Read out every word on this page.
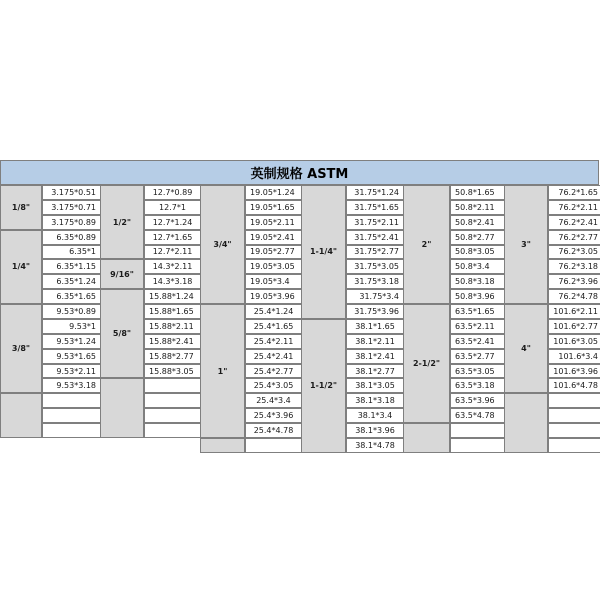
英制规格 ASTM
1/8"
3.175*0.51
3.175*0.71
3.175*0.89
1/4"
6.35*0.89
6.35*1
6.35*1.15
6.35*1.24
6.35*1.65
3/8"
9.53*0.89
9.53*1
9.53*1.24
9.53*1.65
9.53*2.11
9.53*3.18
1/2"
12.7*0.89
12.7*1
12.7*1.24
12.7*1.65
12.7*2.11
9/16"
14.3*2.11
14.3*3.18
5/8"
15.88*1.24
15.88*1.65
15.88*2.11
15.88*2.41
15.88*2.77
15.88*3.05
3/4"
19.05*1.24
19.05*1.65
19.05*2.11
19.05*2.41
19.05*2.77
19.05*3.05
19.05*3.4
19.05*3.96
1"
25.4*1.24
25.4*1.65
25.4*2.11
25.4*2.41
25.4*2.77
25.4*3.05
25.4*3.4
25.4*3.96
25.4*4.78
1-1/4"
31.75*1.24
31.75*1.65
31.75*2.11
31.75*2.41
31.75*2.77
31.75*3.05
31.75*3.18
31.75*3.4
31.75*3.96
1-1/2"
38.1*1.65
38.1*2.11
38.1*2.41
38.1*2.77
38.1*3.05
38.1*3.18
38.1*3.4
38.1*3.96
38.1*4.78
2"
50.8*1.65
50.8*2.11
50.8*2.41
50.8*2.77
50.8*3.05
50.8*3.4
50.8*3.18
50.8*3.96
2-1/2"
63.5*1.65
63.5*2.11
63.5*2.41
63.5*2.77
63.5*3.05
63.5*3.18
63.5*3.96
63.5*4.78
3"
76.2*1.65
76.2*2.11
76.2*2.41
76.2*2.77
76.2*3.05
76.2*3.18
76.2*3.96
76.2*4.78
4"
101.6*2.11
101.6*2.77
101.6*3.05
101.6*3.4
101.6*3.96
101.6*4.78
